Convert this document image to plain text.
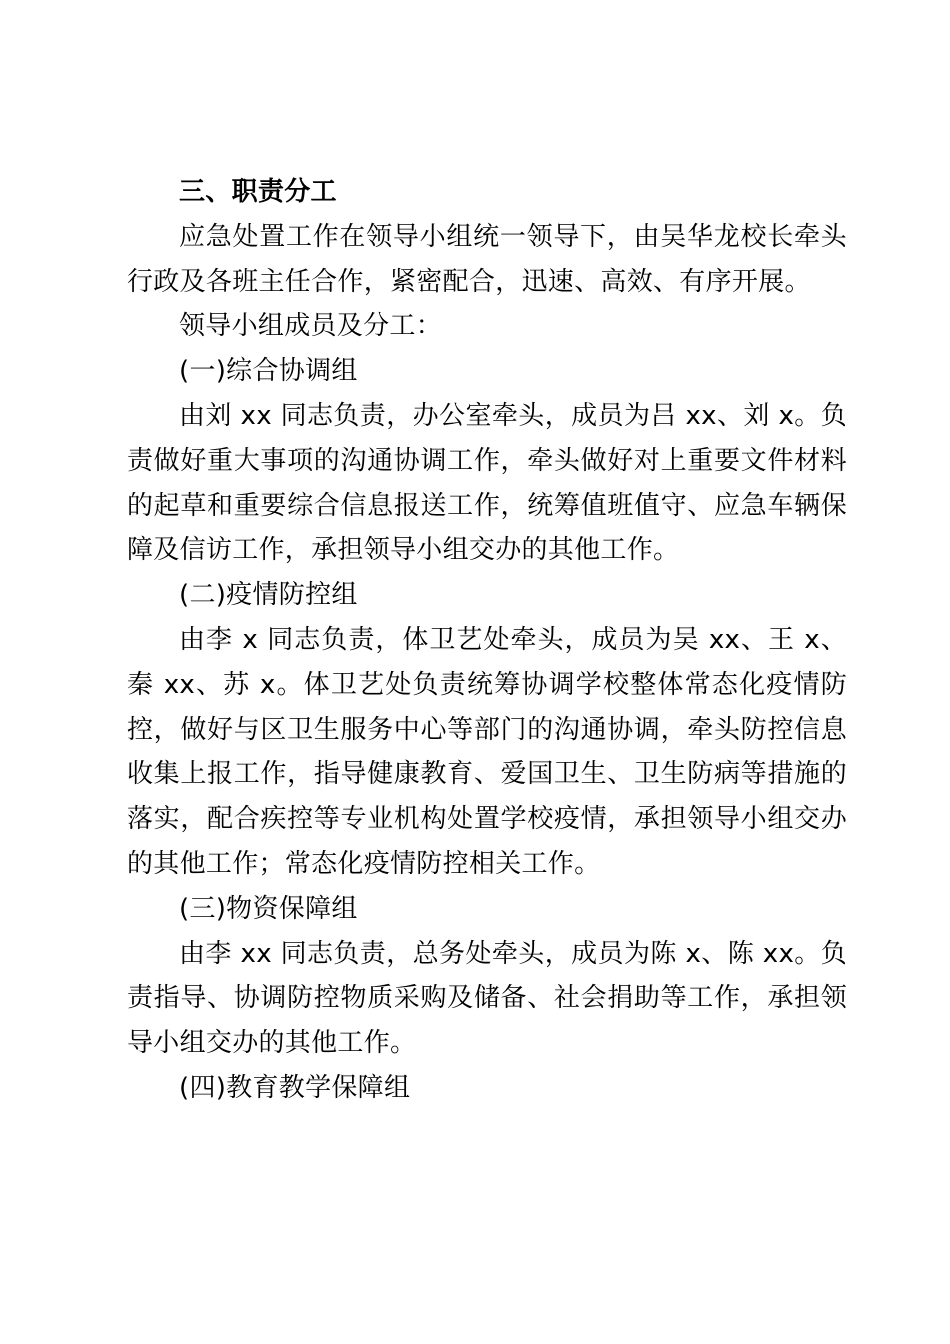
三、职责分工

应急处置工作在领导小组统一领导下，由吴华龙校长牵头行政及各班主任合作，紧密配合，迅速、高效、有序开展。

领导小组成员及分工：

(一)综合协调组

由刘 xx 同志负责，办公室牵头，成员为吕 xx、刘 x。负责做好重大事项的沟通协调工作，牵头做好对上重要文件材料的起草和重要综合信息报送工作，统筹值班值守、应急车辆保障及信访工作，承担领导小组交办的其他工作。

(二)疫情防控组

由李 x 同志负责，体卫艺处牵头，成员为吴 xx、王 x、秦 xx、苏 x。体卫艺处负责统筹协调学校整体常态化疫情防控，做好与区卫生服务中心等部门的沟通协调，牵头防控信息收集上报工作，指导健康教育、爱国卫生、卫生防病等措施的落实，配合疾控等专业机构处置学校疫情，承担领导小组交办的其他工作；常态化疫情防控相关工作。

(三)物资保障组

由李 xx 同志负责，总务处牵头，成员为陈 x、陈 xx。负责指导、协调防控物质采购及储备、社会捐助等工作，承担领导小组交办的其他工作。

(四)教育教学保障组
